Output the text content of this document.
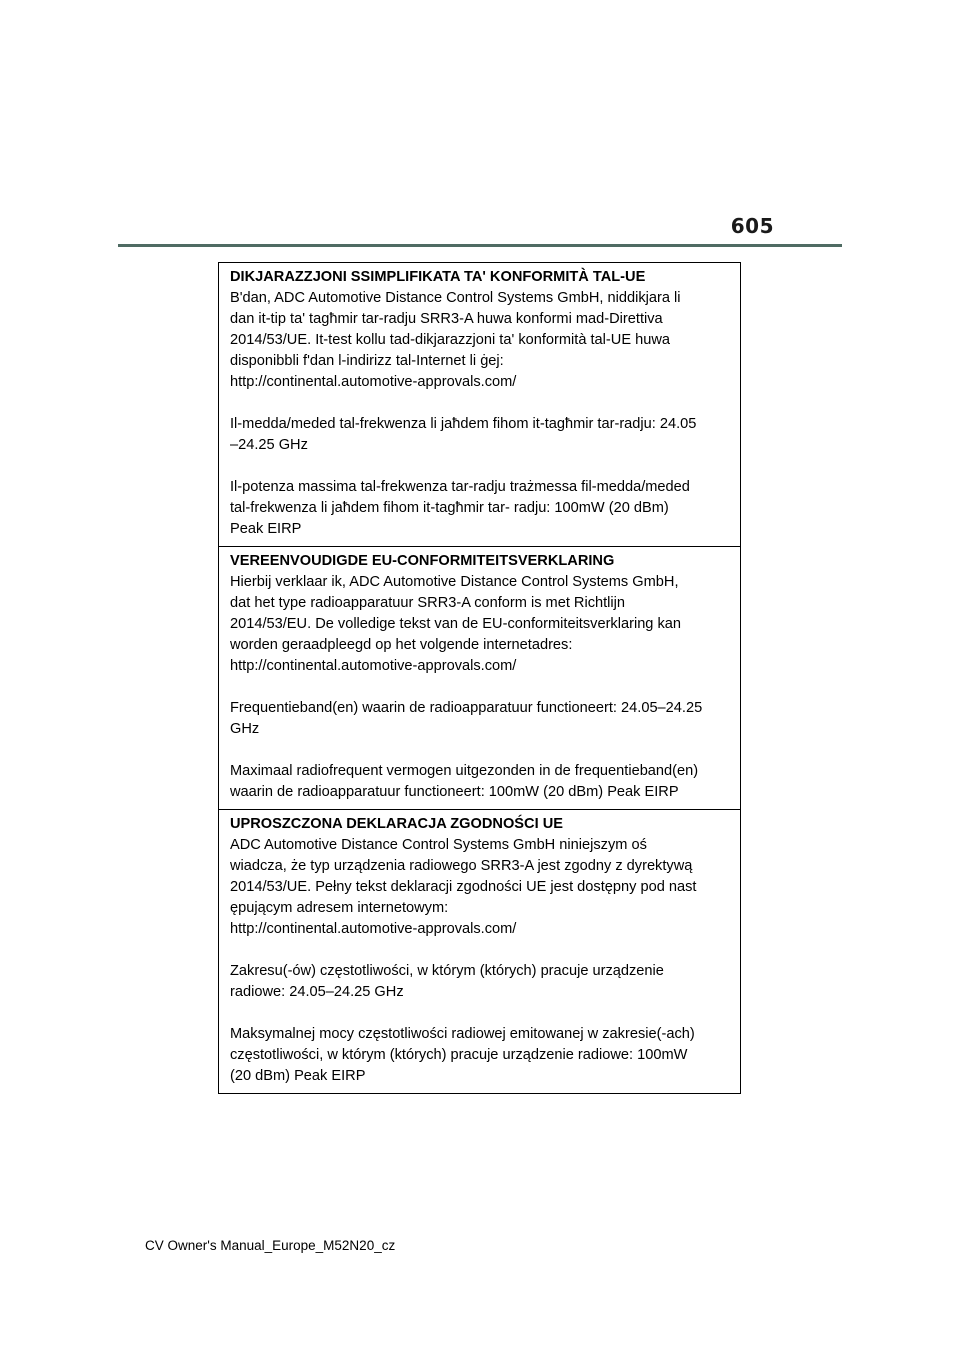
605
DIKJARAZZJONI SSIMPLIFIKATA TA' KONFORMITÀ TAL-UE

B'dan, ADC Automotive Distance Control Systems GmbH, niddikjara li
dan it-tip ta' tagħmir tar-radju SRR3-A huwa konformi mad-Direttiva
2014/53/UE. It-test kollu tad-dikjarazzjoni ta' konformità tal-UE huwa
disponibbli f'dan l-indirizz tal-Internet li ġej:
http://continental.automotive-approvals.com/

Il-medda/meded tal-frekwenza li jaħdem fihom it-tagħmir tar-radju: 24.05
–24.25 GHz

Il-potenza massima tal-frekwenza tar-radju trażmessa fil-medda/meded
tal-frekwenza li jaħdem fihom it-tagħmir tar- radju: 100mW (20 dBm)
Peak EIRP

VEREENVOUDIGDE EU-CONFORMITEITSVERKLARING

Hierbij verklaar ik, ADC Automotive Distance Control Systems GmbH,
dat het type radioapparatuur SRR3-A conform is met Richtlijn
2014/53/EU. De volledige tekst van de EU-conformiteitsverklaring kan
worden geraadpleegd op het volgende internetadres:
http://continental.automotive-approvals.com/

Frequentieband(en) waarin de radioapparatuur functioneert: 24.05–24.25
GHz

Maximaal radiofrequent vermogen uitgezonden in de frequentieband(en)
waarin de radioapparatuur functioneert: 100mW (20 dBm) Peak EIRP

UPROSZCZONA DEKLARACJA ZGODNOŚCI UE

ADC Automotive Distance Control Systems GmbH niniejszym oś
wiadcza, że typ urządzenia radiowego SRR3-A jest zgodny z dyrektywą
2014/53/UE. Pełny tekst deklaracji zgodności UE jest dostępny pod nast
ępującym adresem internetowym:
http://continental.automotive-approvals.com/

Zakresu(-ów) częstotliwości, w którym (których) pracuje urządzenie
radiowe: 24.05–24.25 GHz

Maksymalnej mocy częstotliwości radiowej emitowanej w zakresie(-ach)
częstotliwości, w którym (których) pracuje urządzenie radiowe: 100mW
(20 dBm) Peak EIRP

CV Owner's Manual_Europe_M52N20_cz
